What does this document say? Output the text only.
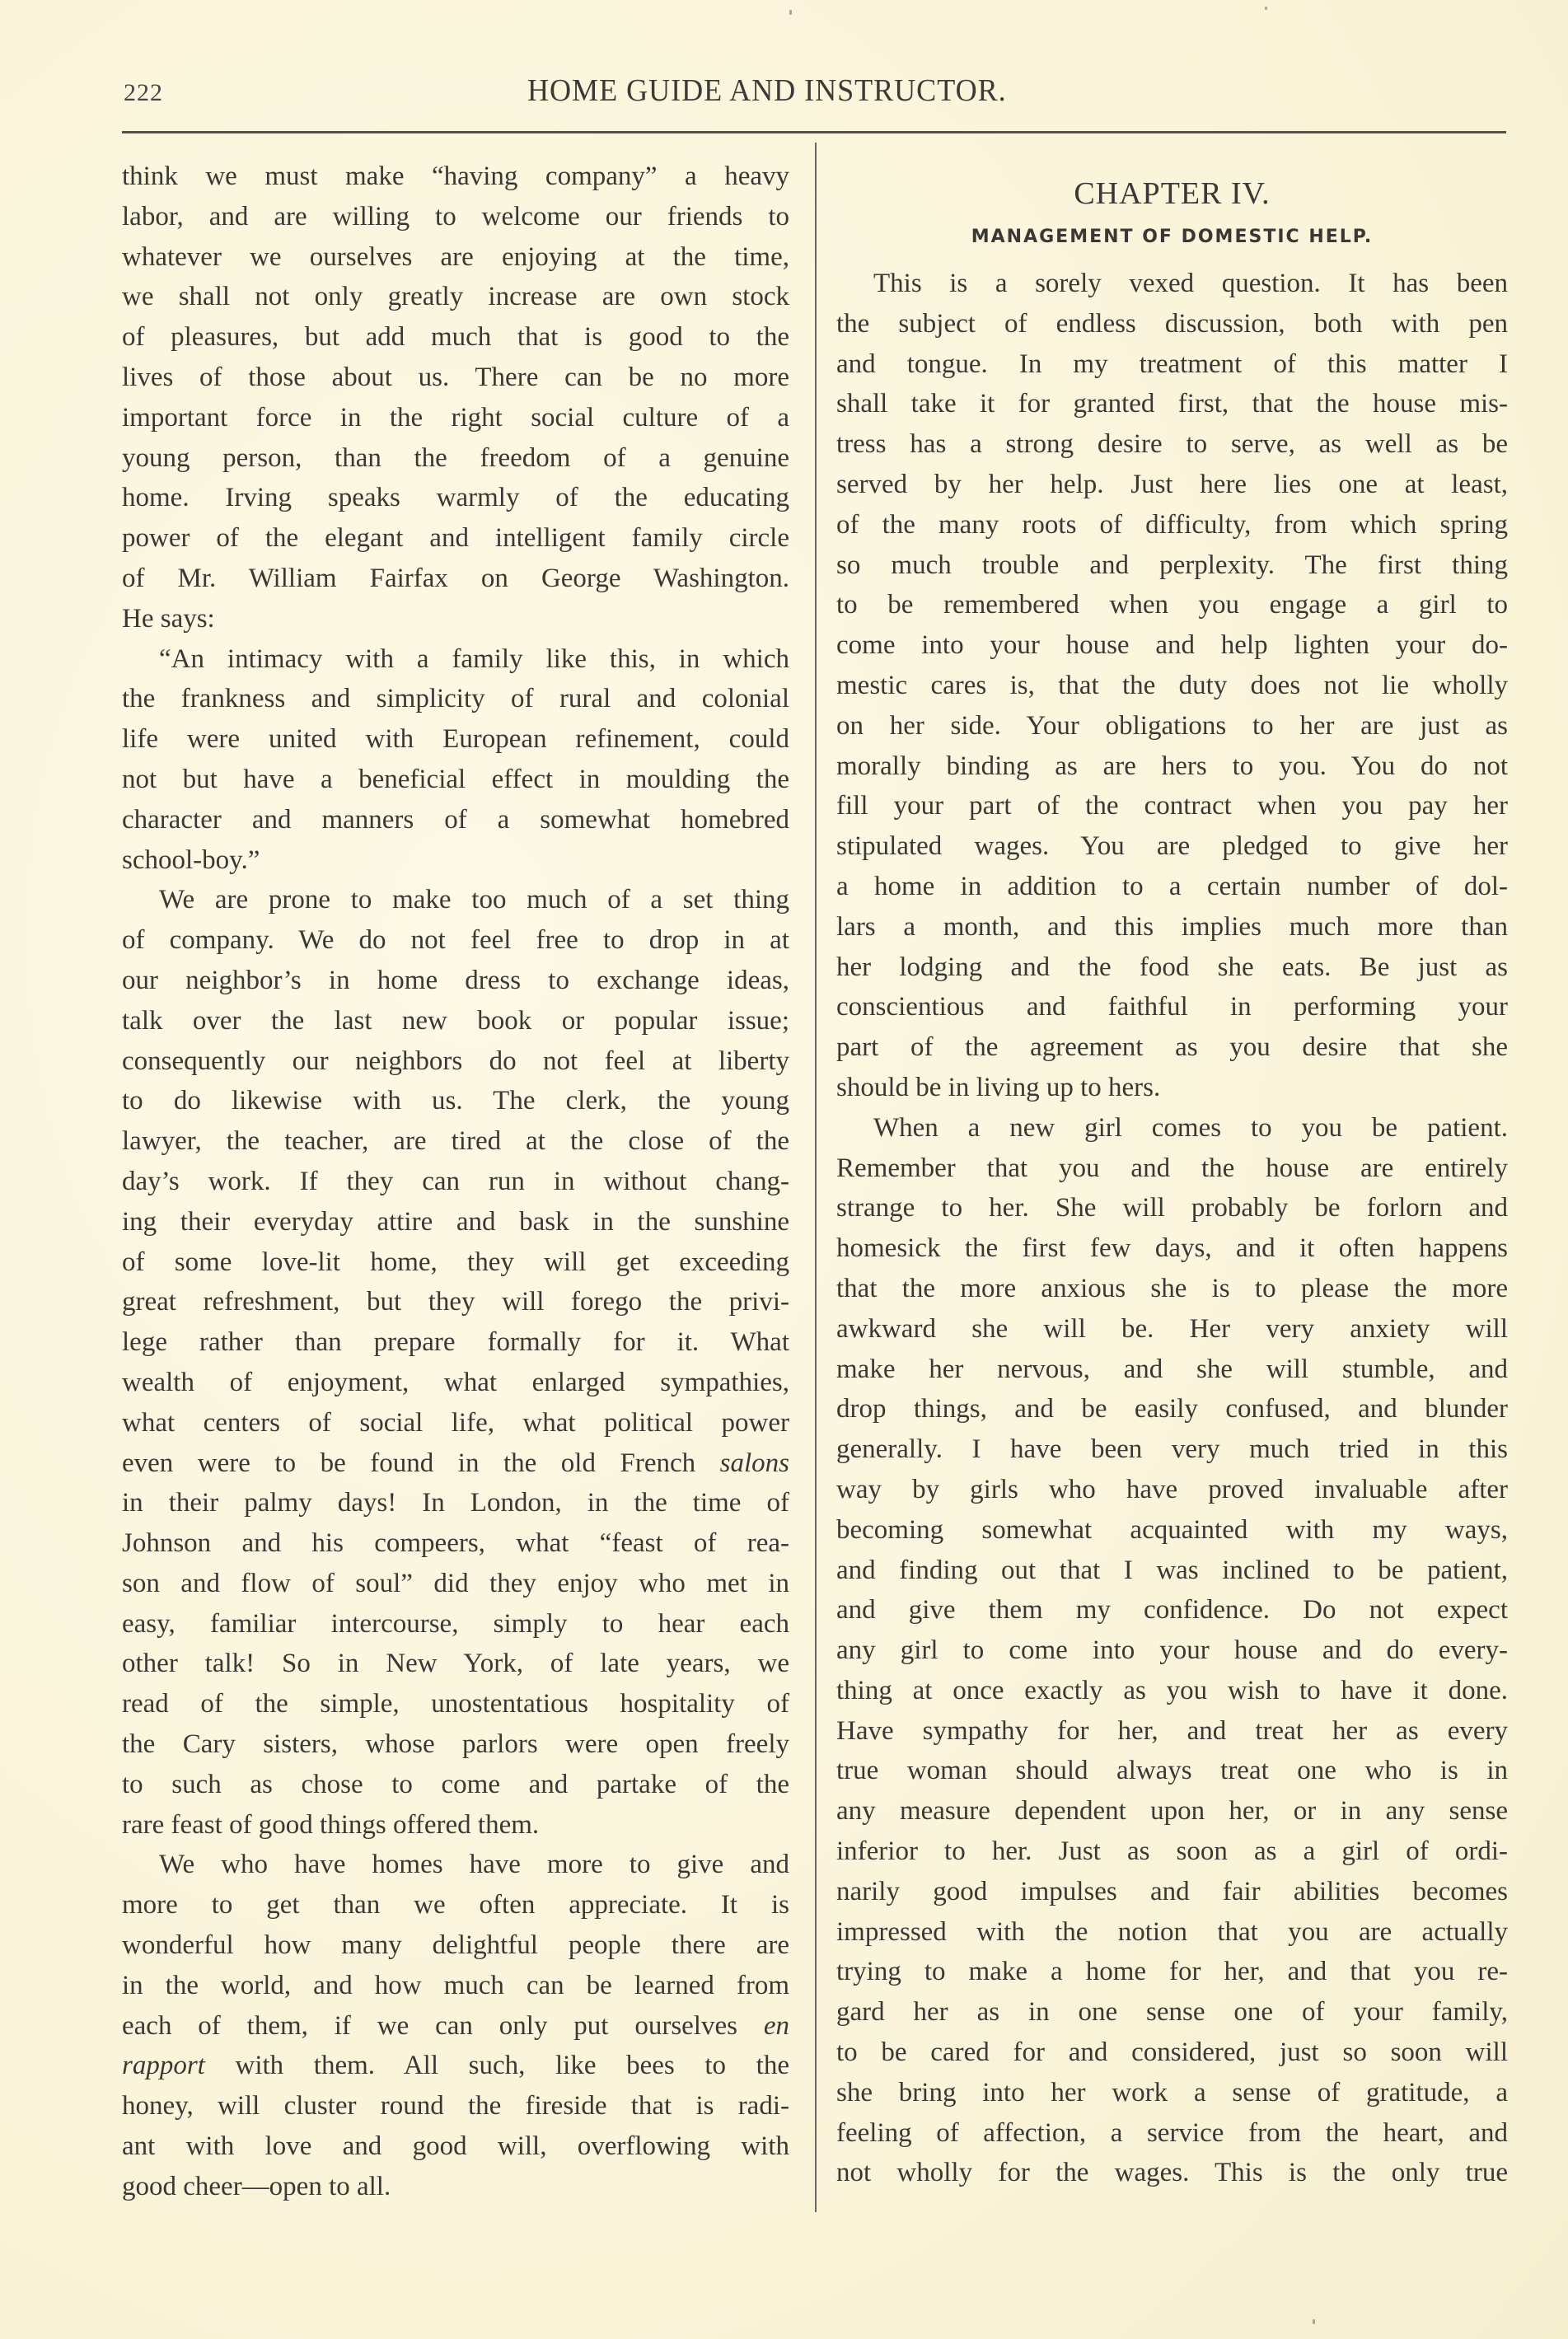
222	HOME GUIDE AND INSTRUCTOR.
think we must make “having company” a heavy
labor, and are willing to welcome our friends to
whatever we ourselves are enjoying at the time,
we shall not only greatly increase are own stock
of pleasures, but add much that is good to the
lives of those about us. There can be no more
important force in the right social culture of a
young person, than the freedom of a genuine
home. Irving speaks warmly of the educating
power of the elegant and intelligent family circle
of Mr. William Fairfax on George Washington.
He says:
“An intimacy with a family like this, in which
the frankness and simplicity of rural and colonial
life were united with European refinement, could
not but have a beneficial effect in moulding the
character and manners of a somewhat homebred
school-boy.”
We are prone to make too much of a set thing
of company. We do not feel free to drop in at
our neighbor’s in home dress to exchange ideas,
talk over the last new book or popular issue;
consequently our neighbors do not feel at liberty
to do likewise with us. The clerk, the young
lawyer, the teacher, are tired at the close of the
day’s work. If they can run in without chang-
ing their everyday attire and bask in the sunshine
of some love-lit home, they will get exceeding
great refreshment, but they will forego the privi-
lege rather than prepare formally for it. What
wealth of enjoyment, what enlarged sympathies,
what centers of social life, what political power
even were to be found in the old French salons
in their palmy days! In London, in the time of
Johnson and his compeers, what “feast of rea-
son and flow of soul” did they enjoy who met in
easy, familiar intercourse, simply to hear each
other talk! So in New York, of late years, we
read of the simple, unostentatious hospitality of
the Cary sisters, whose parlors were open freely
to such as chose to come and partake of the
rare feast of good things offered them.
We who have homes have more to give and
more to get than we often appreciate. It is
wonderful how many delightful people there are
in the world, and how much can be learned from
each of them, if we can only put ourselves en
rapport with them. All such, like bees to the
honey, will cluster round the fireside that is radi-
ant with love and good will, overflowing with
good cheer—open to all.
CHAPTER IV.
MANAGEMENT OF DOMESTIC HELP.
This is a sorely vexed question. It has been
the subject of endless discussion, both with pen
and tongue. In my treatment of this matter I
shall take it for granted first, that the house mis-
tress has a strong desire to serve, as well as be
served by her help. Just here lies one at least,
of the many roots of difficulty, from which spring
so much trouble and perplexity. The first thing
to be remembered when you engage a girl to
come into your house and help lighten your do-
mestic cares is, that the duty does not lie wholly
on her side. Your obligations to her are just as
morally binding as are hers to you. You do not
fill your part of the contract when you pay her
stipulated wages. You are pledged to give her
a home in addition to a certain number of dol-
lars a month, and this implies much more than
her lodging and the food she eats. Be just as
conscientious and faithful in performing your
part of the agreement as you desire that she
should be in living up to hers.
When a new girl comes to you be patient.
Remember that you and the house are entirely
strange to her. She will probably be forlorn and
homesick the first few days, and it often happens
that the more anxious she is to please the more
awkward she will be. Her very anxiety will
make her nervous, and she will stumble, and
drop things, and be easily confused, and blunder
generally. I have been very much tried in this
way by girls who have proved invaluable after
becoming somewhat acquainted with my ways,
and finding out that I was inclined to be patient,
and give them my confidence. Do not expect
any girl to come into your house and do every-
thing at once exactly as you wish to have it done.
Have sympathy for her, and treat her as every
true woman should always treat one who is in
any measure dependent upon her, or in any sense
inferior to her. Just as soon as a girl of ordi-
narily good impulses and fair abilities becomes
impressed with the notion that you are actually
trying to make a home for her, and that you re-
gard her as in one sense one of your family,
to be cared for and considered, just so soon will
she bring into her work a sense of gratitude, a
feeling of affection, a service from the heart, and
not wholly for the wages. This is the only true
